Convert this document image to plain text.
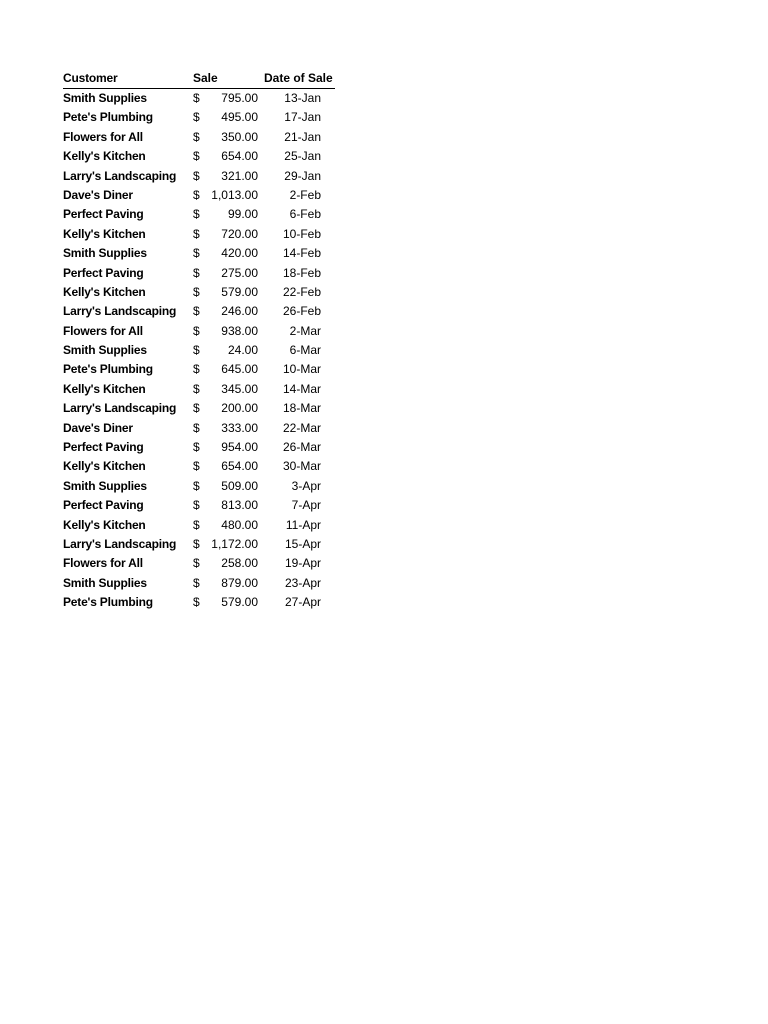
Customer	Sale	Date of Sale
Smith Supplies	$	795.00	13-Jan
Pete's Plumbing	$	495.00	17-Jan
Flowers for All	$	350.00	21-Jan
Kelly's Kitchen	$	654.00	25-Jan
Larry's Landscaping	$	321.00	29-Jan
Dave's Diner	$ 1,013.00	2-Feb
Perfect Paving	$	99.00	6-Feb
Kelly's Kitchen	$	720.00	10-Feb
Smith Supplies	$	420.00	14-Feb
Perfect Paving	$	275.00	18-Feb
Kelly's Kitchen	$	579.00	22-Feb
Larry's Landscaping	$	246.00	26-Feb
Flowers for All	$	938.00	2-Mar
Smith Supplies	$	24.00	6-Mar
Pete's Plumbing	$	645.00	10-Mar
Kelly's Kitchen	$	345.00	14-Mar
Larry's Landscaping	$	200.00	18-Mar
Dave's Diner	$	333.00	22-Mar
Perfect Paving	$	954.00	26-Mar
Kelly's Kitchen	$	654.00	30-Mar
Smith Supplies	$	509.00	3-Apr
Perfect Paving	$	813.00	7-Apr
Kelly's Kitchen	$	480.00	11-Apr
Larry's Landscaping	$ 1,172.00	15-Apr
Flowers for All	$	258.00	19-Apr
Smith Supplies	$	879.00	23-Apr
Pete's Plumbing	$	579.00	27-Apr
